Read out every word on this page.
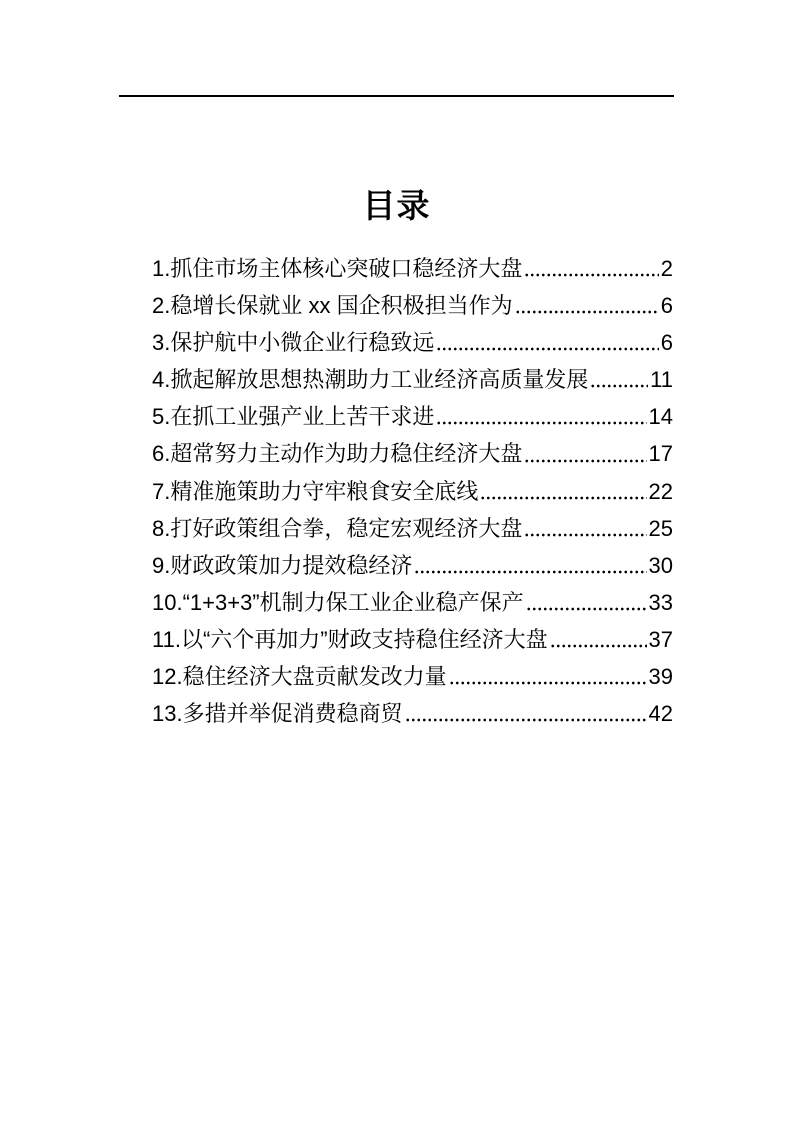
目录
1.抓住市场主体核心突破口稳经济大盘	2
2.稳增长保就业 xx 国企积极担当作为	6
3.保护航中小微企业行稳致远	6
4.掀起解放思想热潮助力工业经济高质量发展	11
5.在抓工业强产业上苦干求进	14
6.超常努力主动作为助力稳住经济大盘	17
7.精准施策助力守牢粮食安全底线	22
8.打好政策组合拳，稳定宏观经济大盘	25
9.财政政策加力提效稳经济	30
10.“1+3+3”机制力保工业企业稳产保产	33
11.以“六个再加力”财政支持稳住经济大盘	37
12.稳住经济大盘贡献发改力量	39
13.多措并举促消费稳商贸	42
